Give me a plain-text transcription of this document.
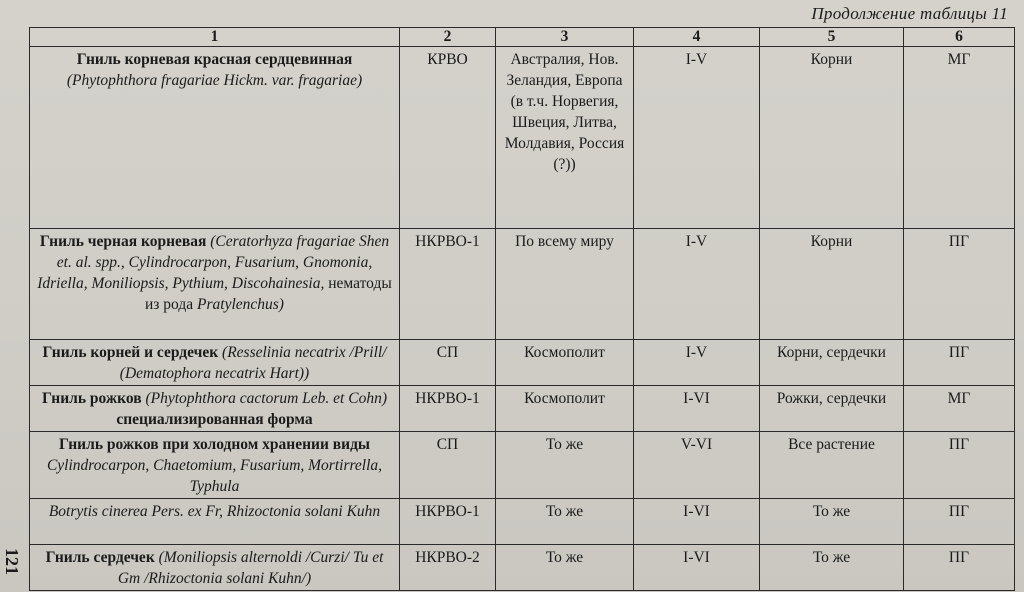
Продолжение таблицы 11
121
1	2	3	4	5	6
Гниль корневая красная сердцевинная (Phytophthora fragariae Hickm. var. fragariae)	КРВО	Австралия, Нов. Зеландия, Европа (в т.ч. Норвегия, Швеция, Литва, Молдавия, Россия (?))	I-V	Корни	МГ
Гниль черная корневая (Ceratorhyza fragariae Shen et. al. spp., Cylindrocarpon, Fusarium, Gnomonia, Idriella, Moniliopsis, Pythium, Discohainesia, нематоды из рода Pratylenchus)	НКРВО-1	По всему миру	I-V	Корни	ПГ
Гниль корней и сердечек (Resselinia necatrix /Prill/ (Dematophora necatrix Hart))	СП	Космополит	I-V	Корни, сердечки	ПГ
Гниль рожков (Phytophthora cactorum Leb. et Cohn) специализированная форма	НКРВО-1	Космополит	I-VI	Рожки, сердечки	МГ
Гниль рожков при холодном хранении виды Cylindrocarpon, Chaetomium, Fusarium, Mortirrella, Typhula	СП	То же	V-VI	Все растение	ПГ
Botrytis cinerea Pers. ex Fr, Rhizoctonia solani Kuhn	НКРВО-1	То же	I-VI	То же	ПГ
Гниль сердечек (Moniliopsis alternoldi /Curzi/ Tu et Gm /Rhizoctonia solani Kuhn/)	НКРВО-2	То же	I-VI	То же	ПГ
